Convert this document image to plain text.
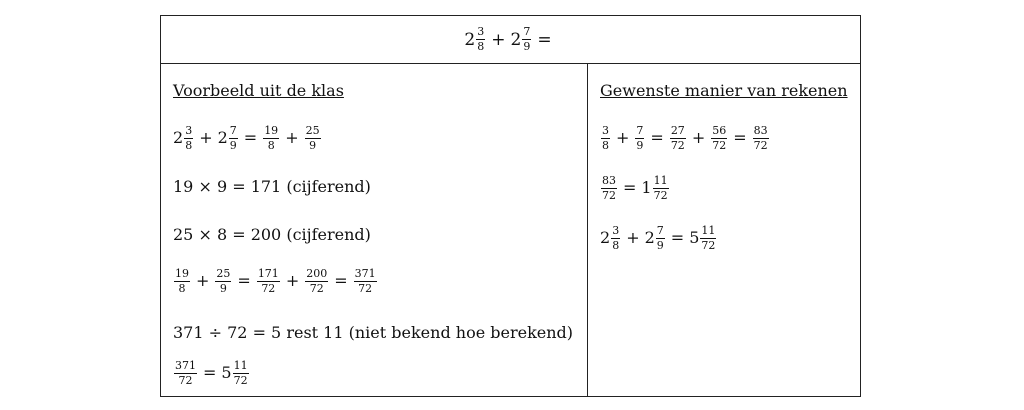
$2 \frac{3}{8} + 2 \frac{7}{9}$ =
Voorbeeld uit de klas
$2 \frac{3}{8} + 2 \frac{7}{9} = \frac{19}{8} + \frac{25}{9}$
19 × 9 = 171 (cijferend)
25 × 8 = 200 (cijferend)
$\frac{19}{8} + \frac{25}{9} = \frac{171}{72} + \frac{200}{72} = \frac{371}{72}$
371 ÷ 72 = 5 rest 11 (niet bekend hoe berekend)
$\frac{371}{72} = 5 \frac{11}{72}$
Gewenste manier van rekenen
$\frac{3}{8} + \frac{7}{9} = \frac{27}{72} + \frac{56}{72} = \frac{83}{72}$
$\frac{83}{72} = 1 \frac{11}{72}$
$2 \frac{3}{8} + 2 \frac{7}{9} = 5 \frac{11}{72}$
